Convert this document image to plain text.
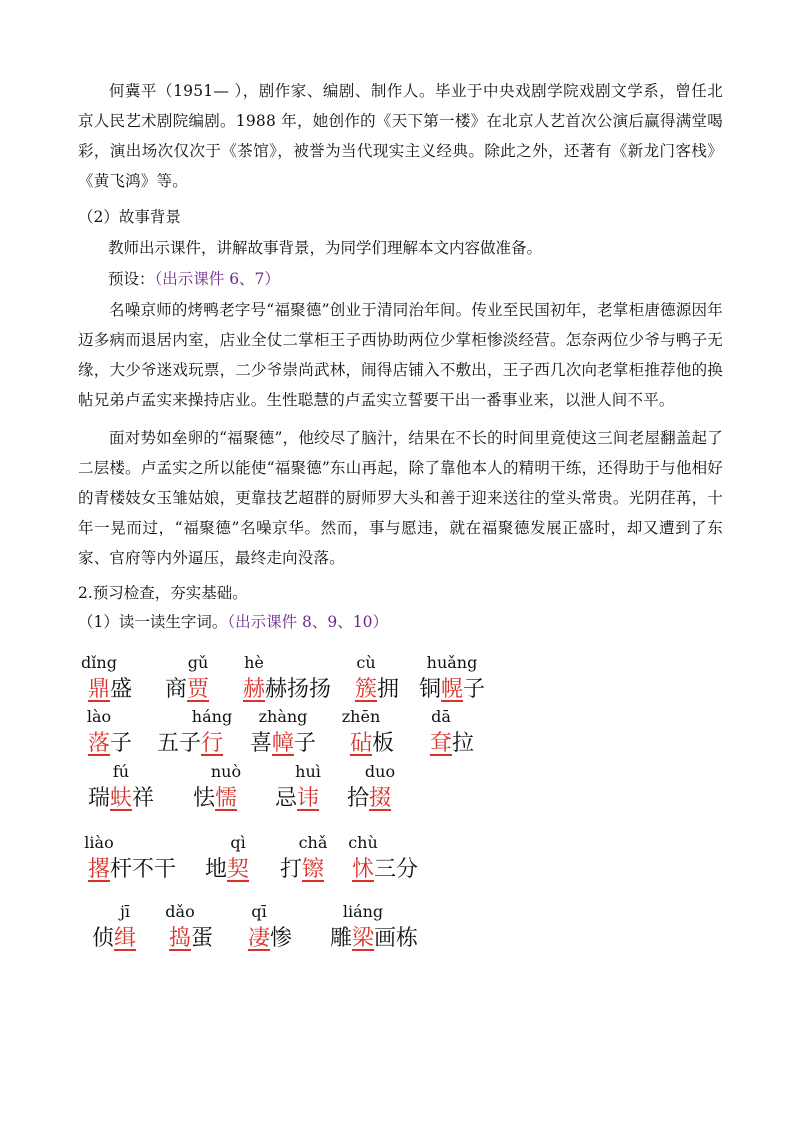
何冀平（1951— ），剧作家、编剧、制作人。毕业于中央戏剧学院戏剧文学系，曾任北京人民艺术剧院编剧。1988 年，她创作的《天下第一楼》在北京人艺首次公演后赢得满堂喝彩，演出场次仅次于《茶馆》，被誉为当代现实主义经典。除此之外，还著有《新龙门客栈》《黄飞鸿》等。

（2）故事背景
教师出示课件，讲解故事背景，为同学们理解本文内容做准备。
预设：（出示课件 6、7）

名噪京师的烤鸭老字号“福聚德”创业于清同治年间。传业至民国初年，老掌柜唐德源因年迈多病而退居内室，店业全仗二掌柜王子西协助两位少掌柜惨淡经营。怎奈两位少爷与鸭子无缘，大少爷迷戏玩票，二少爷崇尚武林，闹得店铺入不敷出，王子西几次向老掌柜推荐他的换帖兄弟卢孟实来操持店业。生性聪慧的卢孟实立誓要干出一番事业来，以泄人间不平。

面对势如垒卵的“福聚德”，他绞尽了脑汁，结果在不长的时间里竟使这三间老屋翻盖起了二层楼。卢孟实之所以能使“福聚德”东山再起，除了靠他本人的精明干练，还得助于与他相好的青楼妓女玉雏姑娘，更靠技艺超群的厨师罗大头和善于迎来送往的堂头常贵。光阴荏苒，十年一晃而过，“福聚德”名噪京华。然而，事与愿违，就在福聚德发展正盛时，却又遭到了东家、官府等内外逼压，最终走向没落。

2.预习检查，夯实基础。
（1）读一读生字词。（出示课件 8、9、10）
鼎盛
dǐng
商贾
gǔ
赫赫扬扬
hè
簇拥
cù
铜幌子
huǎng
落子
lào
五子行
háng
喜幛子
zhàng
砧板
zhēn
耷拉
dā
瑞蚨祥
fú
怯懦
nuò
忌讳
huì
拾掇
duo
撂杆不干
liào
地契
qì
打镲
chǎ
怵三分
chù
侦缉
jī
捣蛋
dǎo
凄惨
qī
雕梁画栋
liáng
